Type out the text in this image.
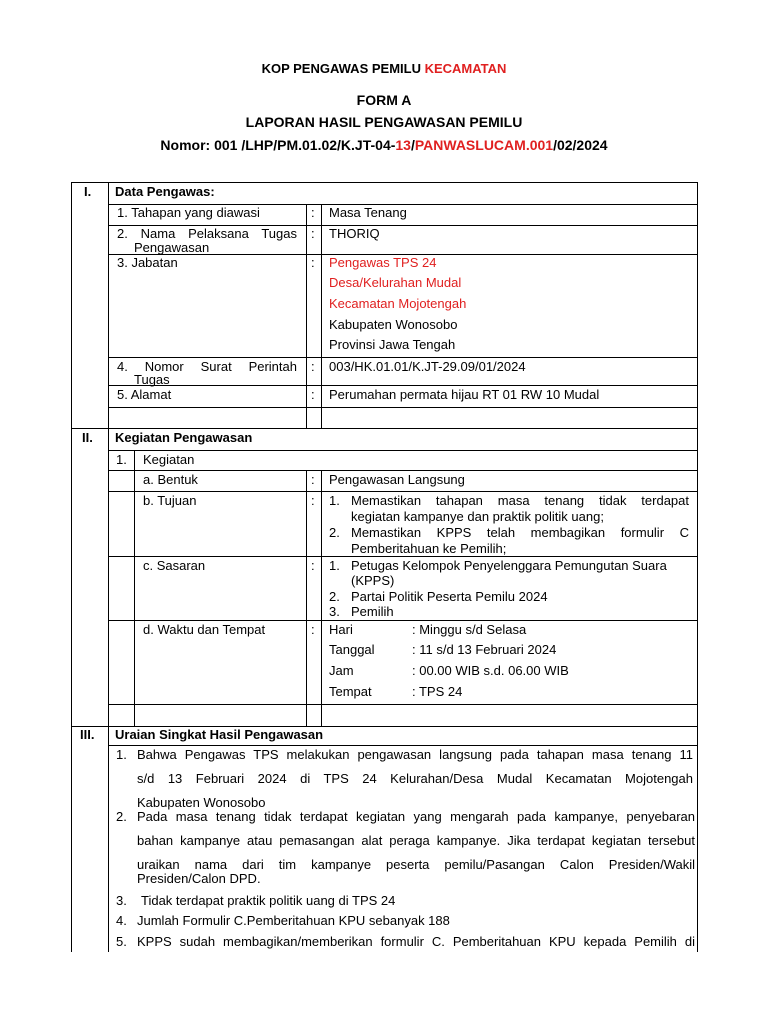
KOP PENGAWAS PEMILU KECAMATAN
FORM A
LAPORAN HASIL PENGAWASAN PEMILU
Nomor: 001 /LHP/PM.01.02/K.JT-04-13/PANWASLUCAM.001/02/2024
I. Data Pengawas:
1. Tahapan yang diawasi	: Masa Tenang
2. Nama Pelaksana Tugas
Pengawasan
: THORIQ
3. Jabatan	: Pengawas TPS 24
Desa/Kelurahan Mudal
Kecamatan Mojotengah
Kabupaten Wonosobo
Provinsi Jawa Tengah
4. Nomor Surat Perintah
Tugas
: 003/HK.01.01/K.JT-29.09/01/2024
5. Alamat	: Perumahan permata hijau RT 01 RW 10 Mudal
II. Kegiatan Pengawasan
1. Kegiatan
a. Bentuk	: Pengawasan Langsung
b. Tujuan	: 1. Memastikan tahapan masa tenang tidak terdapat
kegiatan kampanye dan praktik politik uang;
2. Memastikan KPPS telah membagikan formulir C
Pemberitahuan ke Pemilih;
c. Sasaran	: 1. Petugas Kelompok Penyelenggara Pemungutan Suara
(KPPS)
2. Partai Politik Peserta Pemilu 2024
3. Pemilih
d. Waktu dan Tempat	: Hari	: Minggu s/d Selasa
Tanggal	: 11 s/d 13 Februari 2024
Jam	: 00.00 WIB s.d. 06.00 WIB
Tempat	: TPS 24
III. Uraian Singkat Hasil Pengawasan
1. Bahwa Pengawas TPS melakukan pengawasan langsung pada tahapan masa tenang 11
s/d 13 Februari 2024 di TPS 24 Kelurahan/Desa Mudal Kecamatan Mojotengah
Kabupaten Wonosobo
2. Pada masa tenang tidak terdapat kegiatan yang mengarah pada kampanye, penyebaran
bahan kampanye atau pemasangan alat peraga kampanye. Jika terdapat kegiatan tersebut
uraikan nama dari tim kampanye peserta pemilu/Pasangan Calon Presiden/Wakil
Presiden/Calon DPD.
3. Tidak terdapat praktik politik uang di TPS 24
4. Jumlah Formulir C.Pemberitahuan KPU sebanyak 188
5. KPPS sudah membagikan/memberikan formulir C. Pemberitahuan KPU kepada Pemilih di
